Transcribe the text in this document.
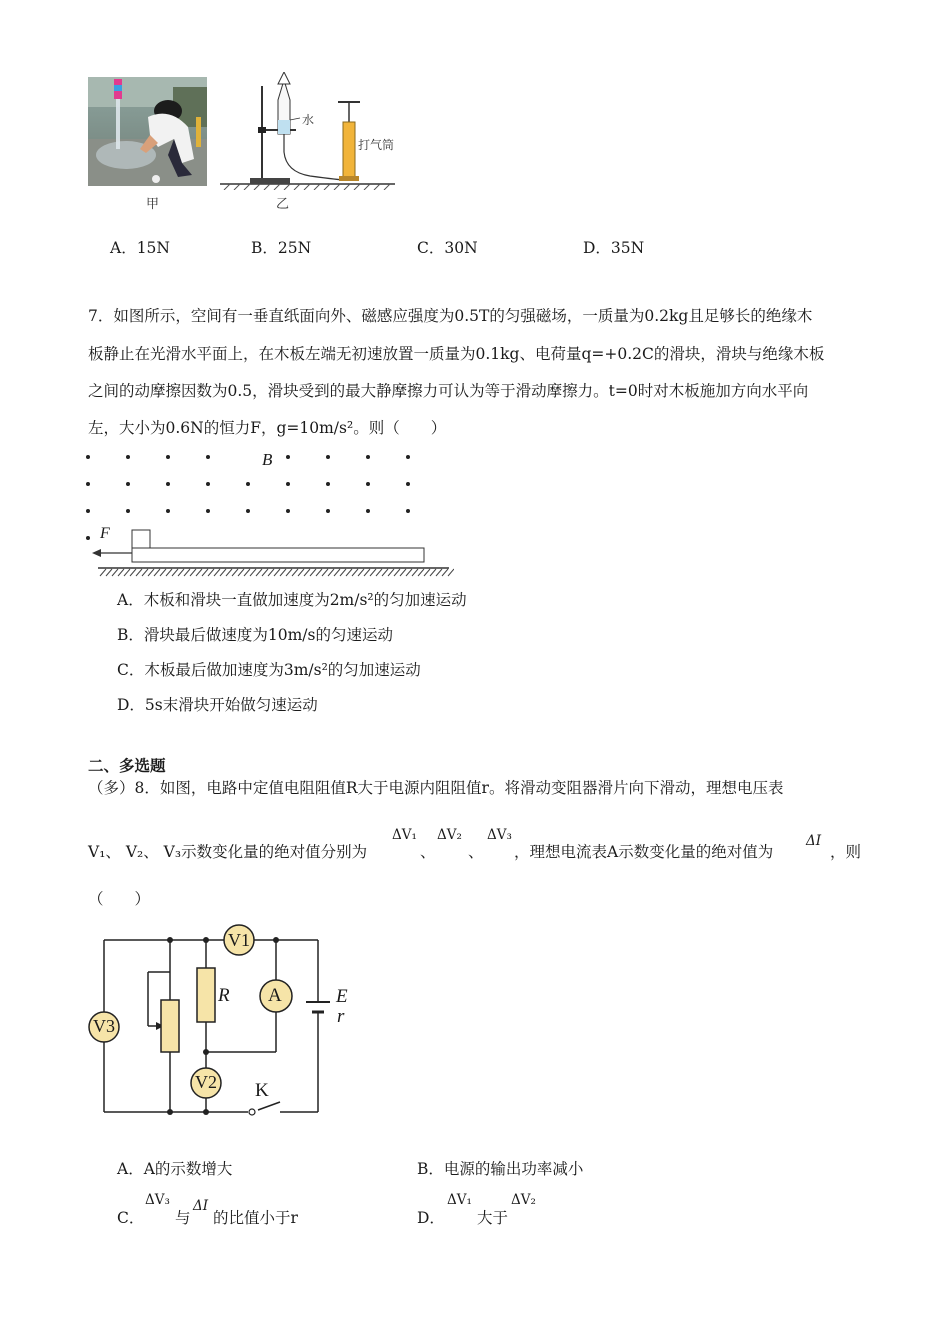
甲
水
打气筒
乙
A．15N	B．25N	C．30N	D．35N
7．如图所示，空间有一垂直纸面向外、磁感应强度为0.5T的匀强磁场，一质量为0.2kg且足够长的绝缘木
板静止在光滑水平面上，在木板左端无初速放置一质量为0.1kg、电荷量q=+0.2C的滑块，滑块与绝缘木板
之间的动摩擦因数为0.5，滑块受到的最大静摩擦力可认为等于滑动摩擦力。t=0时对木板施加方向水平向
左，大小为0.6N的恒力F，g=10m/s²。则（　　）
B
F
A．木板和滑块一直做加速度为2m/s²的匀加速运动
B．滑块最后做速度为10m/s的匀速运动
C．木板最后做加速度为3m/s²的匀加速运动
D．5s末滑块开始做匀速运动
二、多选题
（多）8．如图，电路中定值电阻阻值R大于电源内阻阻值r。将滑动变阻器滑片向下滑动，理想电压表
V₁、 V₂、 V₃示数变化量的绝对值分别为
ΔV₁
、
ΔV₂
、
ΔV₃
，理想电流表A示数变化量的绝对值为
ΔI
，则
（　　）
V1
A
V3
V2
R	E
r
K
A．A的示数增大	B．电源的输出功率减小
C．
ΔV₃
与
ΔI
的比值小于r	D．
ΔV₁
大于
ΔV₂
